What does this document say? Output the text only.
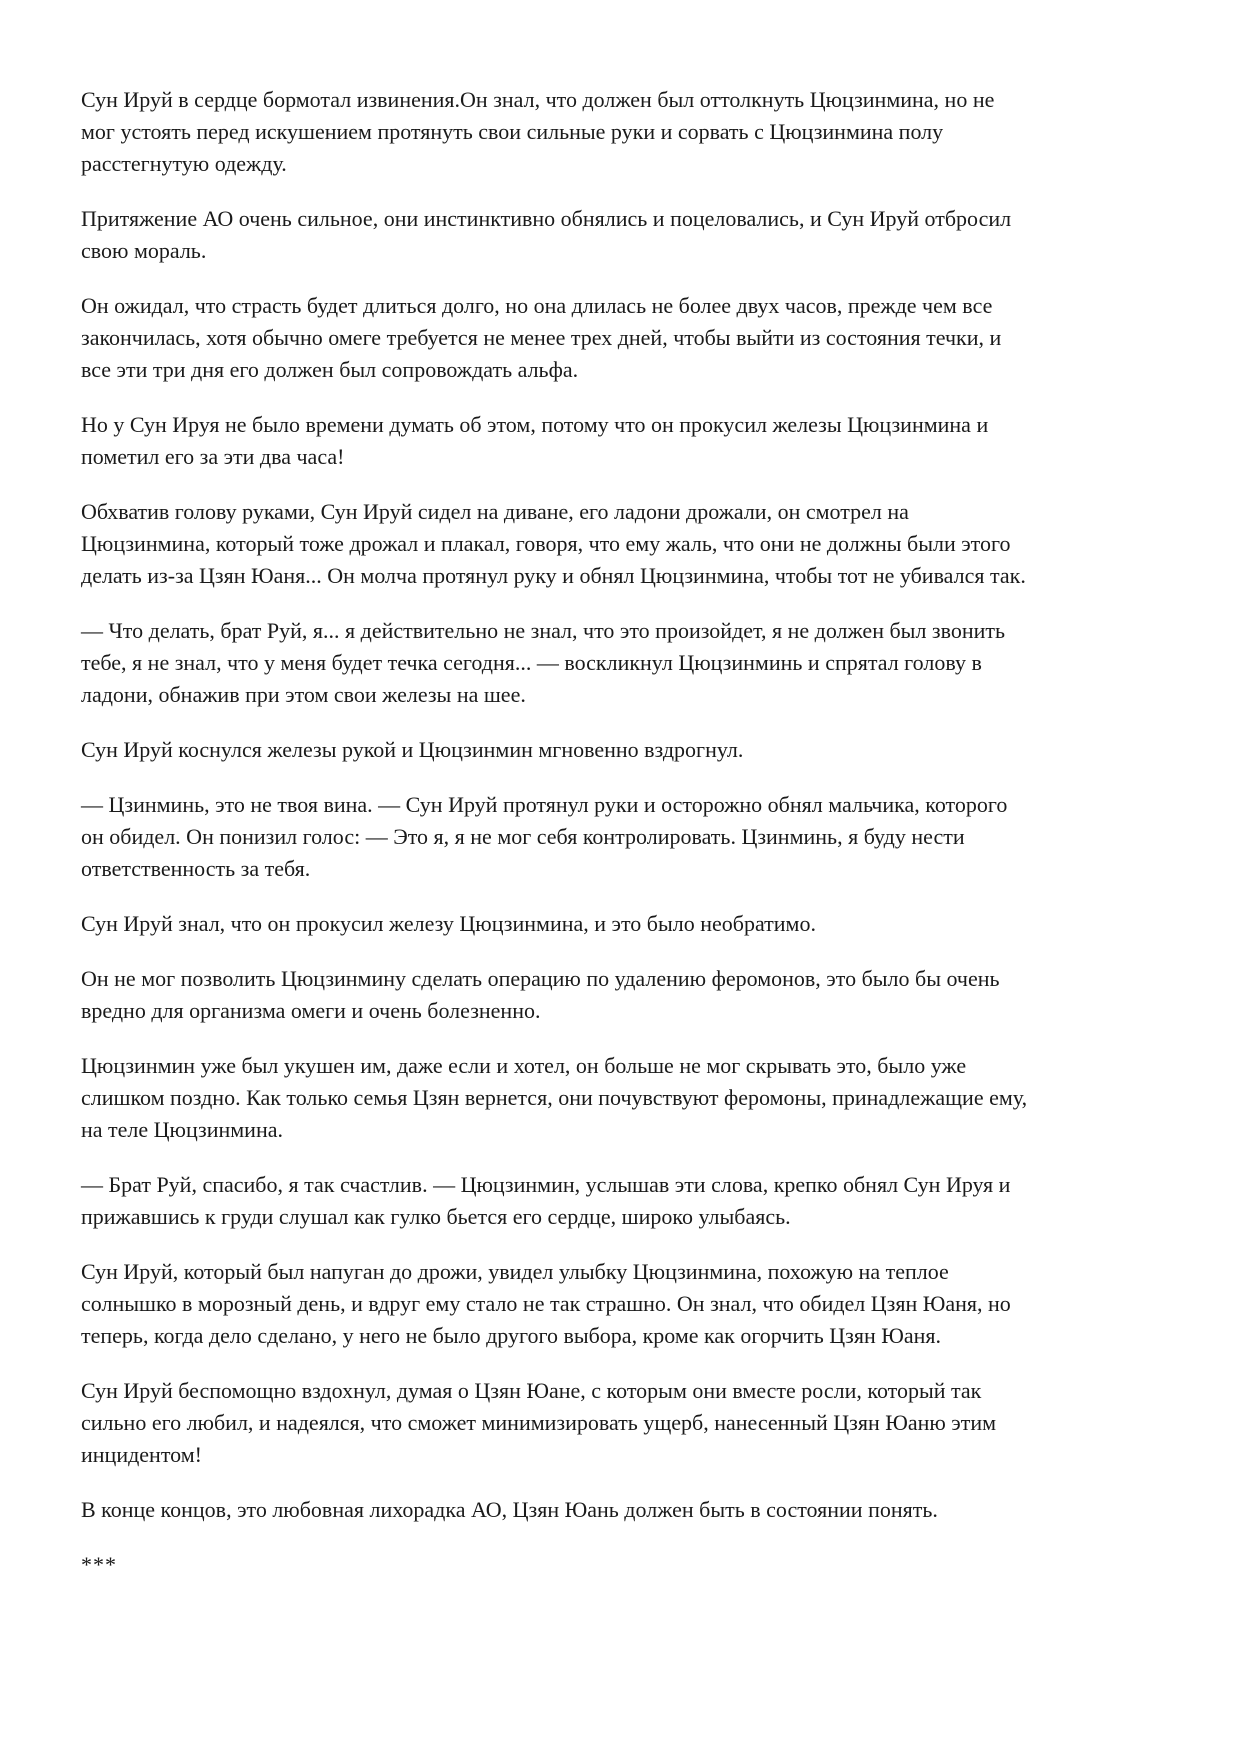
Сун Ируй в сердце бормотал извинения.Он знал, что должен был оттолкнуть Цюцзинмина, но не мог устоять перед искушением протянуть свои сильные руки и сорвать с Цюцзинмина полу расстегнутую одежду.

Притяжение АО очень сильное, они инстинктивно обнялись и поцеловались, и Сун Ируй отбросил свою мораль.

Он ожидал, что страсть будет длиться долго, но она длилась не более двух часов, прежде чем все закончилась, хотя обычно омеге требуется не менее трех дней, чтобы выйти из состояния течки, и все эти три дня его должен был сопровождать альфа.

Но у Сун Ируя не было времени думать об этом, потому что он прокусил железы Цюцзинмина и пометил его за эти два часа!

Обхватив голову руками, Сун Ируй сидел на диване, его ладони дрожали, он смотрел на Цюцзинмина, который тоже дрожал и плакал, говоря, что ему жаль, что они не должны были этого делать из-за Цзян Юаня... Он молча протянул руку и обнял Цюцзинмина, чтобы тот не убивался так.

— Что делать, брат Руй, я... я действительно не знал, что это произойдет, я не должен был звонить тебе, я не знал, что у меня будет течка сегодня... — воскликнул Цюцзинминь и спрятал голову в ладони, обнажив при этом свои железы на шее.

Сун Ируй коснулся железы рукой и Цюцзинмин мгновенно вздрогнул.

— Цзинминь, это не твоя вина. — Сун Ируй протянул руки и осторожно обнял мальчика, которого он обидел. Он понизил голос: — Это я, я не мог себя контролировать. Цзинминь, я буду нести ответственность за тебя.

Сун Ируй знал, что он прокусил железу Цюцзинмина, и это было необратимо.

Он не мог позволить Цюцзинмину сделать операцию по удалению феромонов, это было бы очень вредно для организма омеги и очень болезненно.

Цюцзинмин уже был укушен им, даже если и хотел, он больше не мог скрывать это, было уже слишком поздно. Как только семья Цзян вернется, они почувствуют феромоны, принадлежащие ему, на теле Цюцзинмина.

— Брат Руй, спасибо, я так счастлив. — Цюцзинмин, услышав эти слова, крепко обнял Сун Ируя и прижавшись к груди слушал как гулко бьется его сердце, широко улыбаясь.

Сун Ируй, который был напуган до дрожи, увидел улыбку Цюцзинмина, похожую на теплое солнышко в морозный день, и вдруг ему стало не так страшно. Он знал, что обидел Цзян Юаня, но теперь, когда дело сделано, у него не было другого выбора, кроме как огорчить Цзян Юаня.

Сун Ируй беспомощно вздохнул, думая о Цзян Юане, с которым они вместе росли, который так сильно его любил, и надеялся, что сможет минимизировать ущерб, нанесенный Цзян Юаню этим инцидентом!

В конце концов, это любовная лихорадка АО, Цзян Юань должен быть в состоянии понять.

***
